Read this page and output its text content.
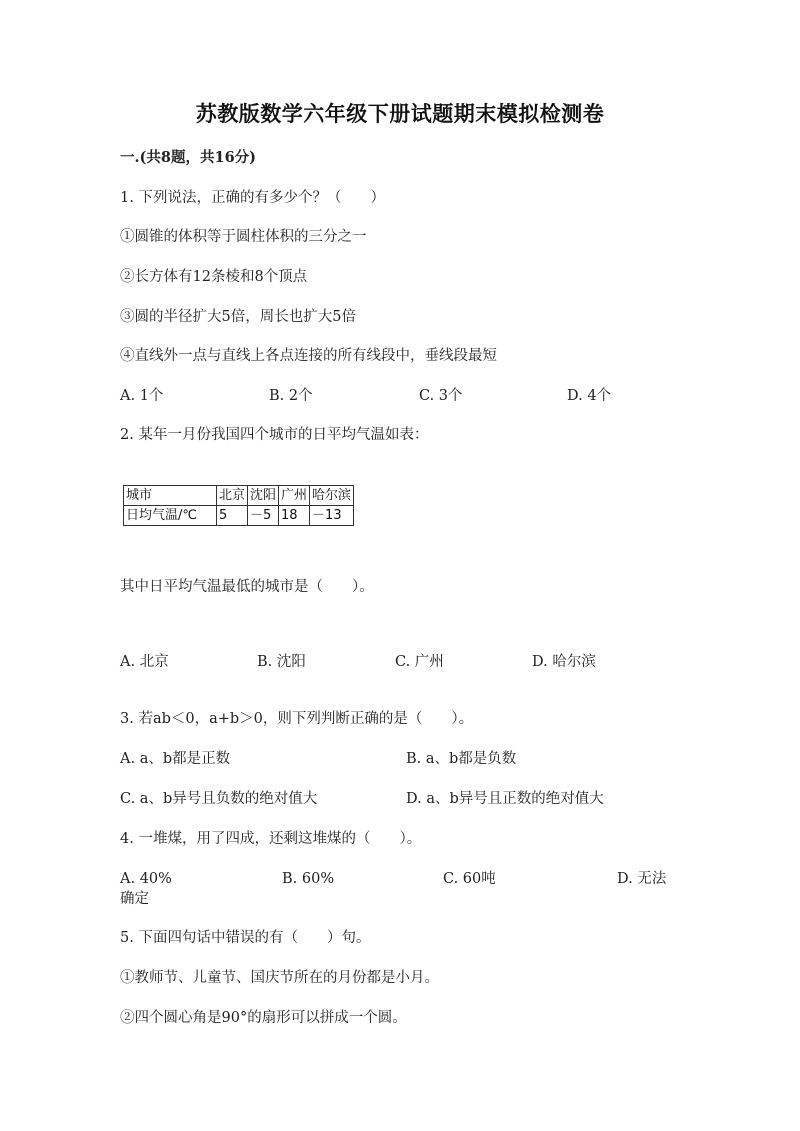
苏教版数学六年级下册试题期末模拟检测卷
一.(共8题，共16分)
1. 下列说法，正确的有多少个？（　　）
①圆锥的体积等于圆柱体积的三分之一
②长方体有12条棱和8个顶点
③圆的半径扩大5倍，周长也扩大5倍
④直线外一点与直线上各点连接的所有线段中，垂线段最短
A. 1个	B. 2个	C. 3个	D. 4个
2. 某年一月份我国四个城市的日平均气温如表：
城市	北京	沈阳	广州	哈尔滨
日均气温/℃	5	－5	18	－13
其中日平均气温最低的城市是（　　）。
A. 北京	B. 沈阳	C. 广州	D. 哈尔滨
3. 若ab＜0，a+b＞0，则下列判断正确的是（　　）。
A. a、b都是正数	B. a、b都是负数
C. a、b异号且负数的绝对值大	D. a、b异号且正数的绝对值大
4. 一堆煤，用了四成，还剩这堆煤的（　　）。
A. 40%	B. 60%	C. 60吨	D. 无法
确定
5. 下面四句话中错误的有（　　）句。
①教师节、儿童节、国庆节所在的月份都是小月。
②四个圆心角是90°的扇形可以拼成一个圆。
